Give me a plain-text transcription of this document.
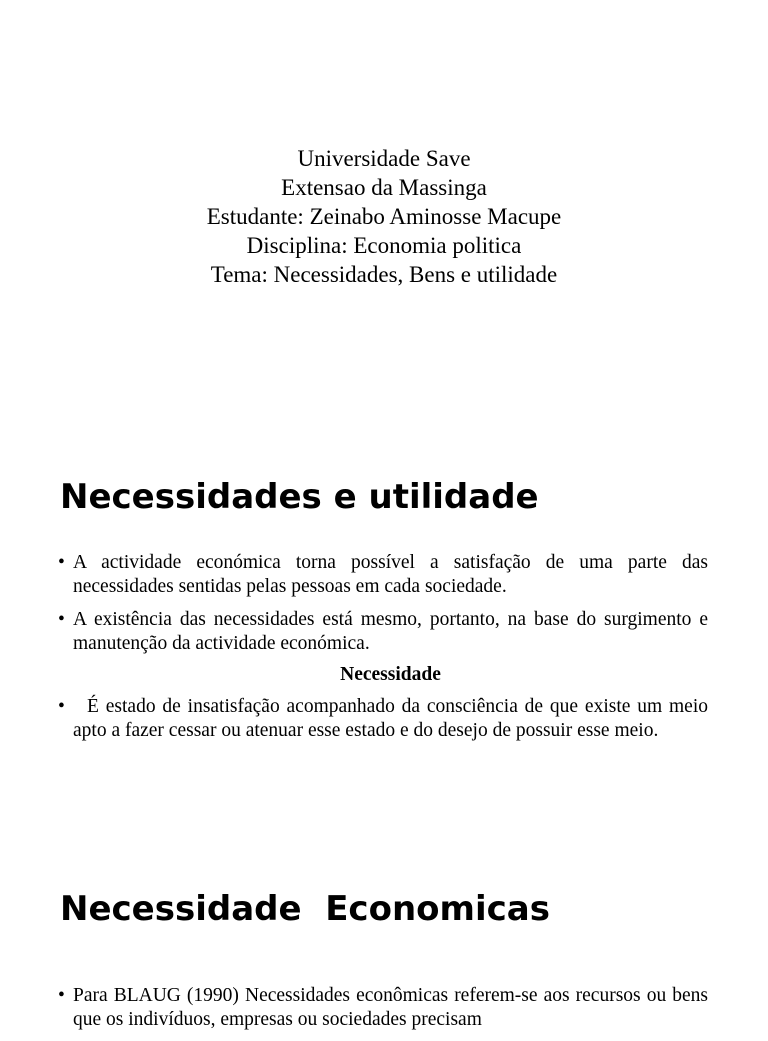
Universidade Save
Extensao da Massinga
Estudante: Zeinabo Aminosse Macupe
Disciplina: Economia politica
Tema: Necessidades, Bens e utilidade
Necessidades e utilidade
• A actividade económica torna possível a satisfação de uma parte das necessidades sentidas pelas pessoas em cada sociedade.
• A existência das necessidades está mesmo, portanto, na base do surgimento e manutenção da actividade económica.
Necessidade
• É estado de insatisfação acompanhado da consciência de que existe um meio apto a fazer cessar ou atenuar esse estado e do desejo de possuir esse meio.
Necessidade  Economicas
• Para BLAUG (1990) Necessidades econômicas referem-se aos recursos ou bens que os indivíduos, empresas ou sociedades precisam
